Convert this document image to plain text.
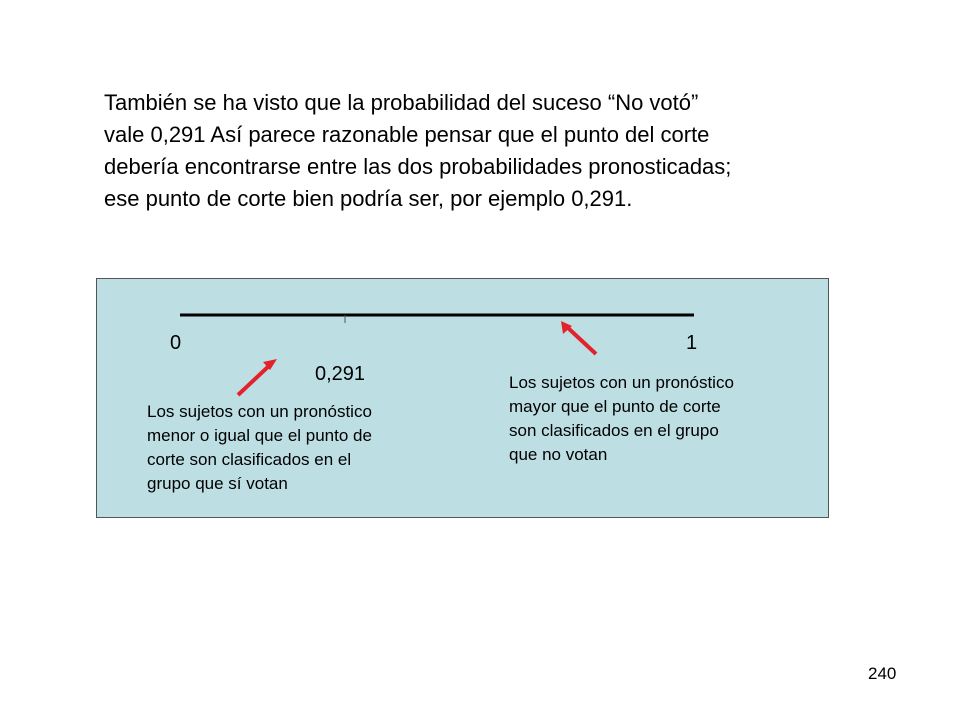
También se ha visto que la probabilidad del suceso “No votó”
vale 0,291 Así parece razonable pensar que el punto del corte
debería encontrarse entre las dos probabilidades pronosticadas;
ese punto de corte bien podría ser, por ejemplo 0,291.
0	1
0,291
Los sujetos con un pronóstico
menor o igual que el punto de
corte son clasificados en el
grupo que sí votan
Los sujetos con un pronóstico
mayor que el punto de corte
son clasificados en el grupo
que no votan
240
